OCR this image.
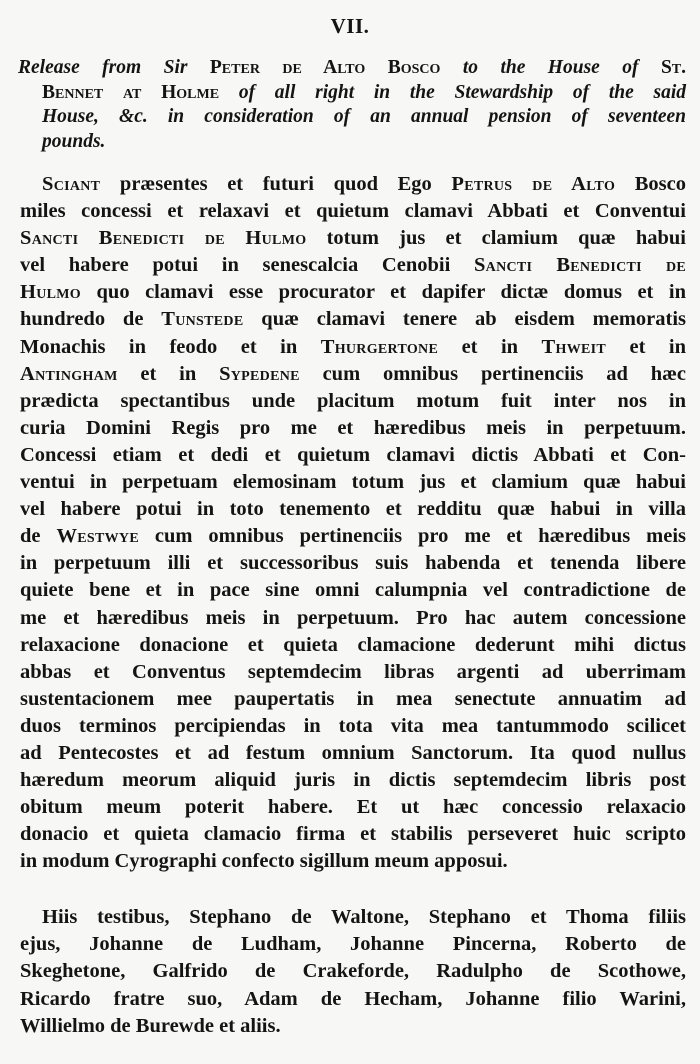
VII.
Release from Sir Peter de Alto Bosco to the House of St.
Bennet at Holme of all right in the Stewardship of the said
House, &c. in consideration of an annual pension of seventeen
pounds.
Sciant præsentes et futuri quod Ego Petrus de Alto Bosco
miles concessi et relaxavi et quietum clamavi Abbati et Conventui
Sancti Benedicti de Hulmo totum jus et clamium quæ habui
vel habere potui in senescalcia Cenobii Sancti Benedicti de
Hulmo quo clamavi esse procurator et dapifer dictæ domus et in
hundredo de Tunstede quæ clamavi tenere ab eisdem memoratis
Monachis in feodo et in Thurgertone et in Thweit et in
Antingham et in Sypedene cum omnibus pertinenciis ad hæc
prædicta spectantibus unde placitum motum fuit inter nos in
curia Domini Regis pro me et hæredibus meis in perpetuum.
Concessi etiam et dedi et quietum clamavi dictis Abbati et Con-
ventui in perpetuam elemosinam totum jus et clamium quæ habui
vel habere potui in toto tenemento et redditu quæ habui in villa
de Westwye cum omnibus pertinenciis pro me et hæredibus meis
in perpetuum illi et successoribus suis habenda et tenenda libere
quiete bene et in pace sine omni calumpnia vel contradictione de
me et hæredibus meis in perpetuum. Pro hac autem concessione
relaxacione donacione et quieta clamacione dederunt mihi dictus
abbas et Conventus septemdecim libras argenti ad uberrimam
sustentacionem mee paupertatis in mea senectute annuatim ad
duos terminos percipiendas in tota vita mea tantummodo scilicet
ad Pentecostes et ad festum omnium Sanctorum. Ita quod nullus
hæredum meorum aliquid juris in dictis septemdecim libris post
obitum meum poterit habere. Et ut hæc concessio relaxacio
donacio et quieta clamacio firma et stabilis perseveret huic scripto
in modum Cyrographi confecto sigillum meum apposui.
Hiis testibus, Stephano de Waltone, Stephano et Thoma filiis
ejus, Johanne de Ludham, Johanne Pincerna, Roberto de
Skeghetone, Galfrido de Crakeforde, Radulpho de Scothowe,
Ricardo fratre suo, Adam de Hecham, Johanne filio Warini,
Willielmo de Burewde et aliis.
